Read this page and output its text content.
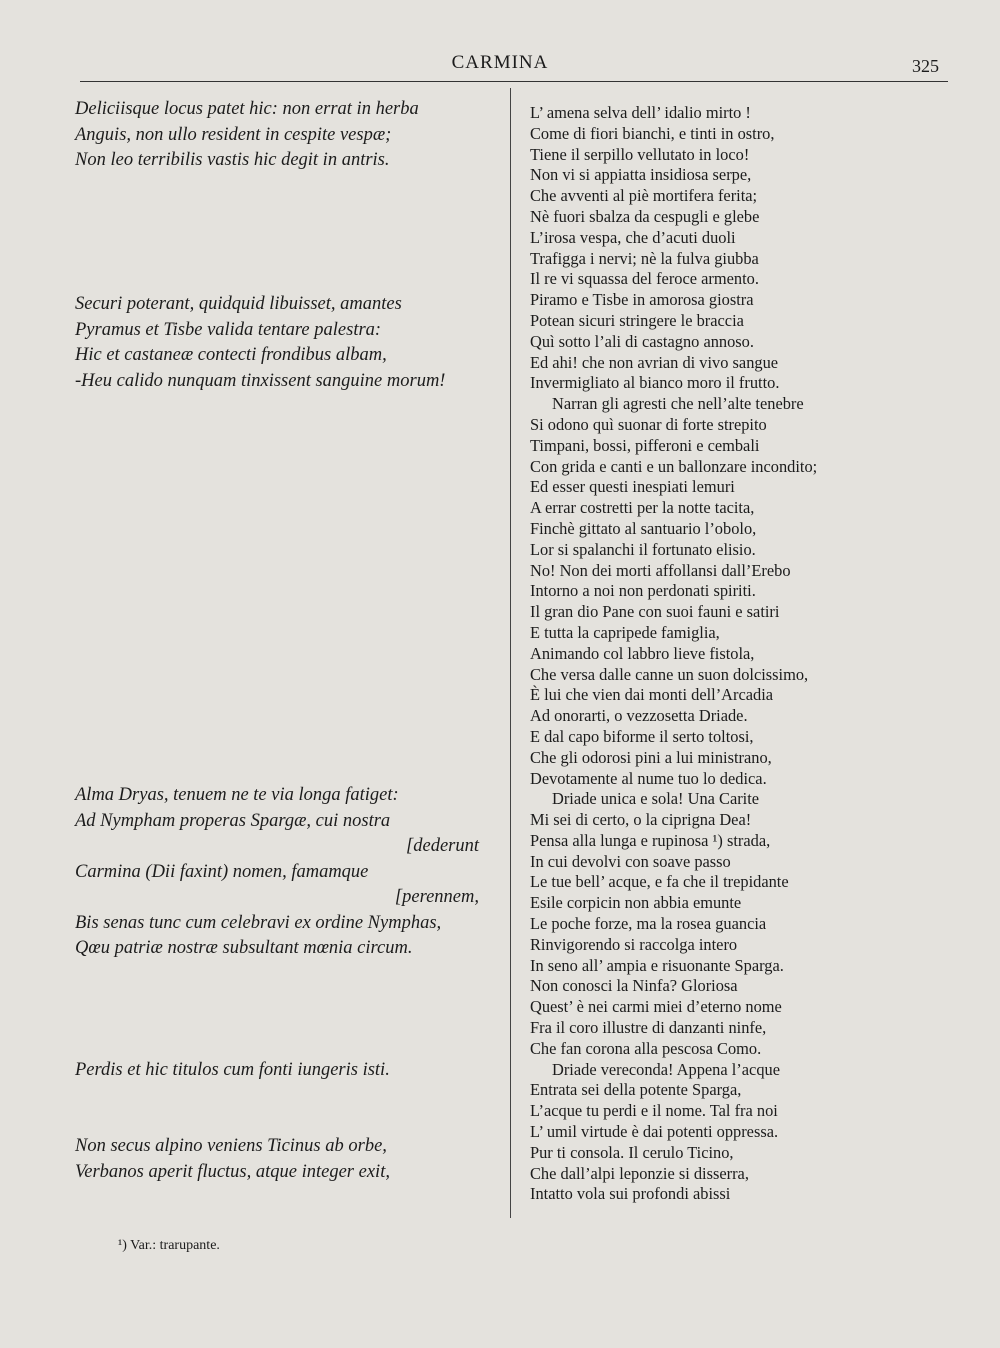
CARMINA	325
Deliciisque locus patet hic: non errat in herba
Anguis, non ullo resident in cespite vespæ;
Non leo terribilis vastis hic degit in antris.
Securi poterant, quidquid libuisset, amantes
Pyramus et Tisbe valida tentare palestra:
Hic et castaneæ contecti frondibus albam,
-Heu calido nunquam tinxissent sanguine morum!
Alma Dryas, tenuem ne te via longa fatiget:
Ad Nympham properas Spargæ, cui nostra
[dederunt
Carmina (Dii faxint) nomen, famamque
[perennem,
Bis senas tunc cum celebravi ex ordine Nymphas,
Qœu patriæ nostræ subsultant mœnia circum.
Perdis et hic titulos cum fonti iungeris isti.
Non secus alpino veniens Ticinus ab orbe,
Verbanos aperit fluctus, atque integer exit,
L’ amena selva dell’ idalio mirto !
Come di fiori bianchi, e tinti in ostro,
Tiene il serpillo vellutato in loco!
Non vi si appiatta insidiosa serpe,
Che avventi al piè mortifera ferita;
Nè fuori sbalza da cespugli e glebe
L’irosa vespa, che d’acuti duoli
Trafigga i nervi; nè la fulva giubba
Il re vi squassa del feroce armento.
Piramo e Tisbe in amorosa giostra
Potean sicuri stringere le braccia
Quì sotto l’ali di castagno annoso.
Ed ahi! che non avrian di vivo sangue
Invermigliato al bianco moro il frutto.
Narran gli agresti che nell’alte tenebre
Si odono quì suonar di forte strepito
Timpani, bossi, pifferoni e cembali
Con grida e canti e un ballonzare incondito;
Ed esser questi inespiati lemuri
A errar costretti per la notte tacita,
Finchè gittato al santuario l’obolo,
Lor si spalanchi il fortunato elisio.
No! Non dei morti affollansi dall’Erebo
Intorno a noi non perdonati spiriti.
Il gran dio Pane con suoi fauni e satiri
E tutta la capripede famiglia,
Animando col labbro lieve fistola,
Che versa dalle canne un suon dolcissimo,
È lui che vien dai monti dell’Arcadia
Ad onorarti, o vezzosetta Driade.
E dal capo biforme il serto toltosi,
Che gli odorosi pini a lui ministrano,
Devotamente al nume tuo lo dedica.
Driade unica e sola! Una Carite
Mi sei di certo, o la ciprigna Dea!
Pensa alla lunga e rupinosa ¹) strada,
In cui devolvi con soave passo
Le tue bell’ acque, e fa che il trepidante
Esile corpicin non abbia emunte
Le poche forze, ma la rosea guancia
Rinvigorendo si raccolga intero
In seno all’ ampia e risuonante Sparga.
Non conosci la Ninfa? Gloriosa
Quest’ è nei carmi miei d’eterno nome
Fra il coro illustre di danzanti ninfe,
Che fan corona alla pescosa Como.
Driade vereconda! Appena l’acque
Entrata sei della potente Sparga,
L’acque tu perdi e il nome. Tal fra noi
L’ umil virtude è dai potenti oppressa.
Pur ti consola. Il cerulo Ticino,
Che dall’alpi leponzie si disserra,
Intatto vola sui profondi abissi
¹) Var.: trarupante.
